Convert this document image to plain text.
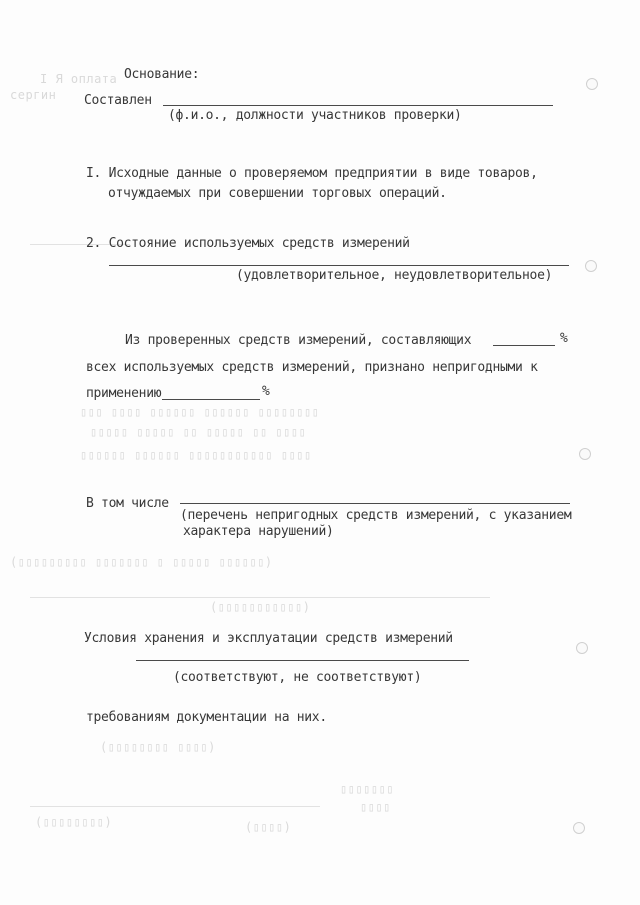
I Я оплата
сергин
▯▯▯ ▯▯▯▯ ▯▯▯▯▯▯ ▯▯▯▯▯▯ ▯▯▯▯▯▯▯▯
▯▯▯▯▯ ▯▯▯▯▯ ▯▯ ▯▯▯▯▯ ▯▯ ▯▯▯▯
▯▯▯▯▯▯ ▯▯▯▯▯▯ ▯▯▯▯▯▯▯▯▯▯▯ ▯▯▯▯
(▯▯▯▯▯▯▯▯▯ ▯▯▯▯▯▯▯ ▯ ▯▯▯▯▯ ▯▯▯▯▯▯)
(▯▯▯▯▯▯▯▯▯▯▯)
(▯▯▯▯▯▯▯▯ ▯▯▯▯)
▯▯▯▯▯▯▯
▯▯▯▯
(▯▯▯▯▯▯▯▯)	(▯▯▯▯)
Основание:
Составлен
(ф.и.о., должности участников проверки)
I. Исходные данные о проверяемом предприятии в виде товаров,
отчуждаемых при совершении торговых операций.
2. Состояние используемых средств измерений
(удовлетворительное, неудовлетворительное)
Из проверенных средств измерений, составляющих	%
всех используемых средств измерений, признано непригодными к
применению	%
В том числе
(перечень непригодных средств измерений, с указанием
характера нарушений)
Условия хранения и эксплуатации средств измерений
(соответствуют, не соответствуют)
требованиям документации на них.
